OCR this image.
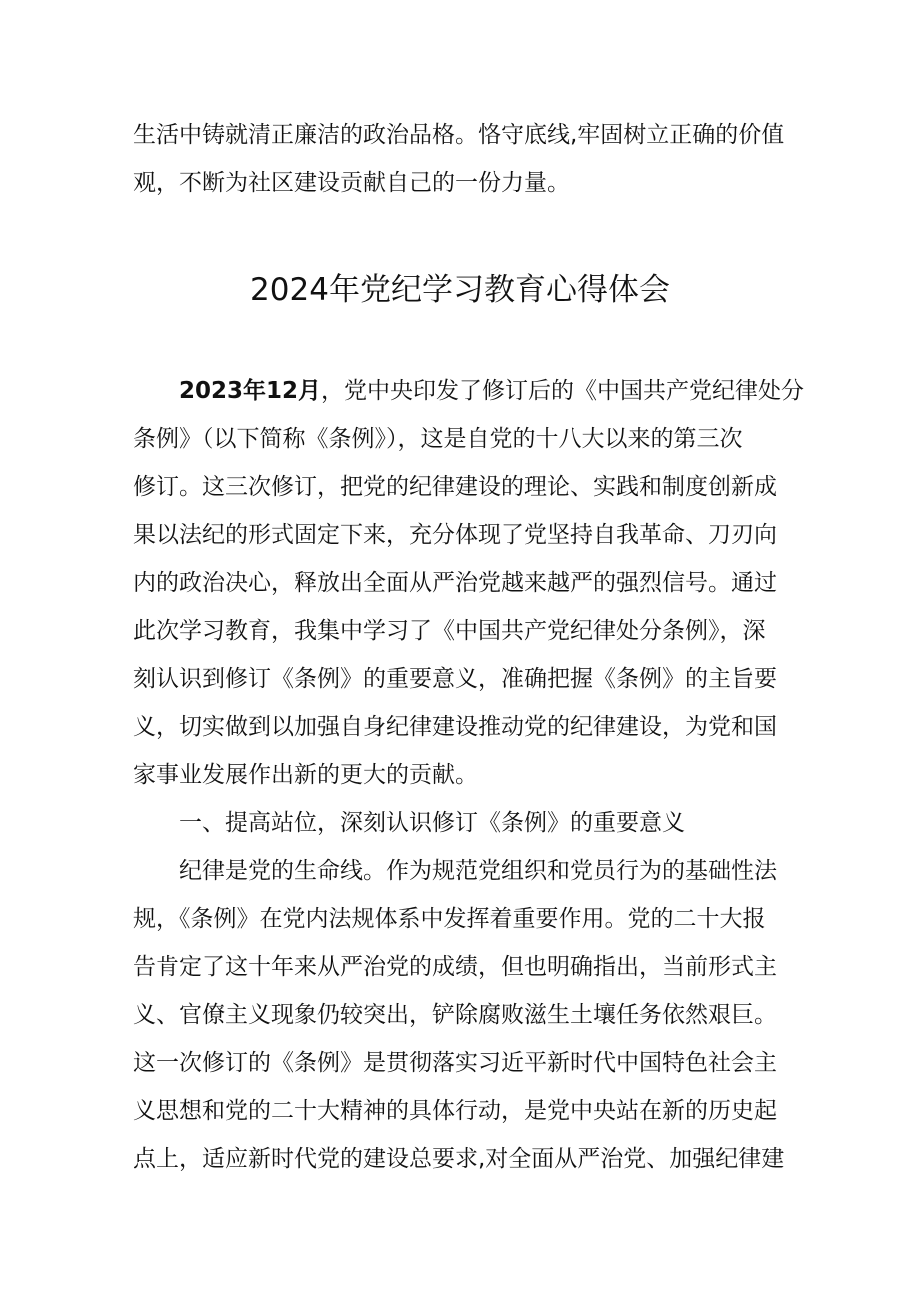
生活中铸就清正廉洁的政治品格。恪守底线,牢固树立正确的价值
观，不断为社区建设贡献自己的一份力量。
2024年党纪学习教育心得体会
2023年12月，党中央印发了修订后的《中国共产党纪律处分
条例》（以下简称《条例》），这是自党的十八大以来的第三次
修订。这三次修订，把党的纪律建设的理论、实践和制度创新成
果以法纪的形式固定下来，充分体现了党坚持自我革命、刀刃向
内的政治决心，释放出全面从严治党越来越严的强烈信号。通过
此次学习教育，我集中学习了《中国共产党纪律处分条例》，深
刻认识到修订《条例》的重要意义，准确把握《条例》的主旨要
义，切实做到以加强自身纪律建设推动党的纪律建设，为党和国
家事业发展作出新的更大的贡献。
一、提高站位，深刻认识修订《条例》的重要意义
纪律是党的生命线。作为规范党组织和党员行为的基础性法
规，《条例》在党内法规体系中发挥着重要作用。党的二十大报
告肯定了这十年来从严治党的成绩，但也明确指出，当前形式主
义、官僚主义现象仍较突出，铲除腐败滋生土壤任务依然艰巨。
这一次修订的《条例》是贯彻落实习近平新时代中国特色社会主
义思想和党的二十大精神的具体行动，是党中央站在新的历史起
点上，适应新时代党的建设总要求,对全面从严治党、加强纪律建
